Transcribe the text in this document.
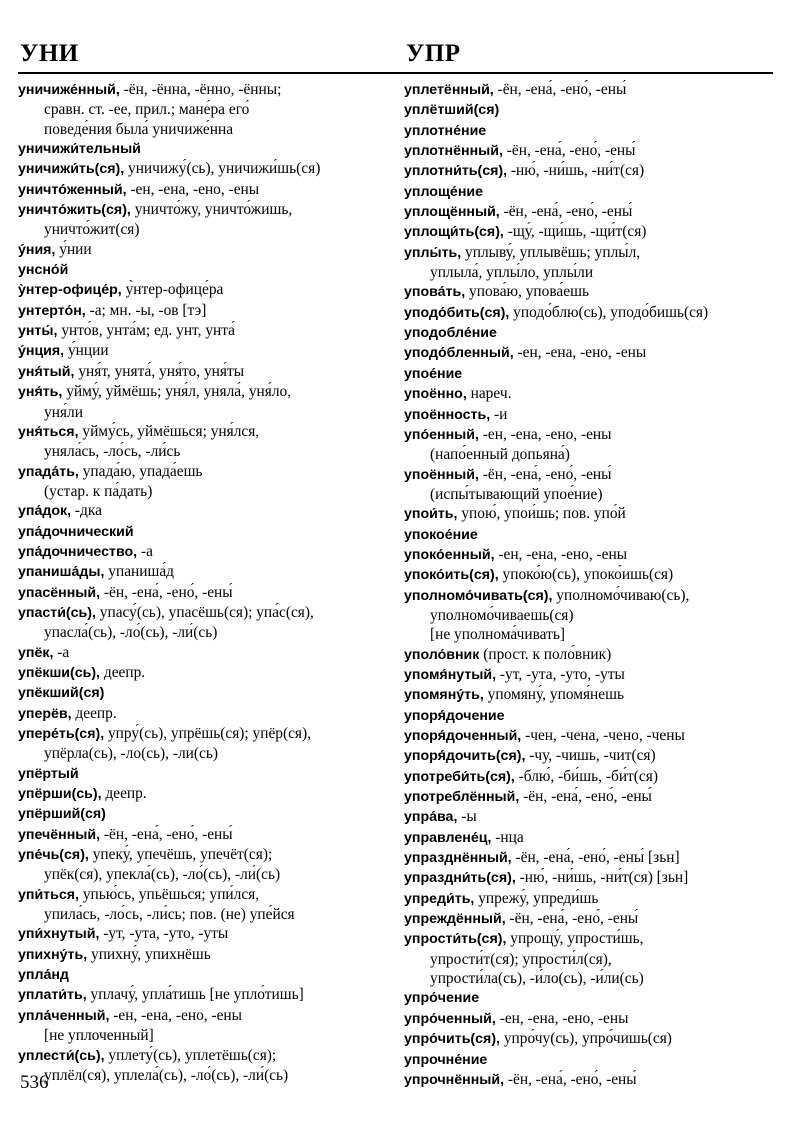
УНИ	УПР
уничиже́нный, -ён, -ённа, -ённо, -ённы;
сравн. ст. -ее, прил.; мане́ра его́
поведе́ния была́ уничиже́нна
уничижи́тельный
уничижи́ть(ся), уничижу́(сь), уничижи́шь(ся)
уничто́женный, -ен, -ена, -ено, -ены
уничто́жить(ся), уничто́жу, уничто́жишь,
уничто́жит(ся)
у́ния, у́нии
унсно́й
у̀нтер-офице́р, у̀нтер-офице́ра
унтерто́н, -а; мн. -ы, -ов [тэ]
унты́, унто́в, унта́м; ед. унт, унта́
у́нция, у́нции
уня́тый, уня́т, унята́, уня́то, уня́ты
уня́ть, уйму́, уймёшь; уня́л, уняла́, уня́ло,
уня́ли
уня́ться, уйму́сь, уймёшься; уня́лся,
уняла́сь, -ло́сь, -ли́сь
упада́ть, упада́ю, упада́ешь
(устар. к па́дать)
упа́док, -дка
упа́дочнический
упа́дочничество, -а
упаниша́ды, упаниша́д
упасённый, -ён, -ена́, -ено́, -ены́
упасти́(сь), упасу́(сь), упасёшь(ся); упа́с(ся),
упасла́(сь), -ло́(сь), -ли́(сь)
упёк, -а
упёкши(сь), деепр.
упёкший(ся)
уперёв, деепр.
упере́ть(ся), упру́(сь), упрёшь(ся); упёр(ся),
упёрла(сь), -ло(сь), -ли(сь)
упёртый
упёрши(сь), деепр.
упёрший(ся)
упечённый, -ён, -ена́, -ено́, -ены́
упе́чь(ся), упеку́, упечёшь, упечёт(ся);
упёк(ся), упекла́(сь), -ло́(сь), -ли́(сь)
упи́ться, упью́сь, упьёшься; упи́лся,
упила́сь, -ло́сь, -ли́сь; пов. (не) упе́йся
упи́хнутый, -ут, -ута, -уто, -уты
упихну́ть, упихну́, упихнёшь
упла́нд
уплати́ть, уплачу́, упла́тишь [не упло́тишь]
упла́ченный, -ен, -ена, -ено, -ены
[не уплоченный]
уплести́(сь), уплету́(сь), уплетёшь(ся);
уплёл(ся), уплела́(сь), -ло́(сь), -ли́(сь)
уплетённый, -ён, -ена́, -ено́, -ены́
уплётший(ся)
уплотне́ние
уплотнённый, -ён, -ена́, -ено́, -ены́
уплотни́ть(ся), -ню́, -ни́шь, -ни́т(ся)
уплоще́ние
уплощённый, -ён, -ена́, -ено́, -ены́
уплощи́ть(ся), -щу́, -щи́шь, -щи́т(ся)
уплы́ть, уплыву́, уплывёшь; уплы́л,
уплыла́, уплы́ло, уплы́ли
упова́ть, упова́ю, упова́ешь
уподо́бить(ся), уподо́блю(сь), уподо́бишь(ся)
уподобле́ние
уподо́бленный, -ен, -ена, -ено, -ены
упое́ние
упоённо, нареч.
упоённость, -и
упо́енный, -ен, -ена, -ено, -ены
(напо́енный допьяна́)
упоённый, -ён, -ена́, -ено́, -ены́
(испы́тывающий упое́ние)
упои́ть, упою́, упои́шь; пов. упо́й
упокое́ние
упоко́енный, -ен, -ена, -ено, -ены
упоко́ить(ся), упоко́ю(сь), упоко́ишь(ся)
уполномо́чивать(ся), уполномо́чиваю(сь),
уполномо́чиваешь(ся)
[не уполнома́чивать]
уполо́вник (прост. к поло́вник)
упомя́нутый, -ут, -ута, -уто, -уты
упомяну́ть, упомяну́, упомя́нешь
упоря́дочение
упоря́доченный, -чен, -чена, -чено, -чены
упоря́дочить(ся), -чу, -чишь, -чит(ся)
употреби́ть(ся), -блю́, -би́шь, -би́т(ся)
употреблённый, -ён, -ена́, -ено́, -ены́
упра́ва, -ы
управлене́ц, -нца
упразднённый, -ён, -ена́, -ено́, -ены́ [зьн]
упраздни́ть(ся), -ню́, -ни́шь, -ни́т(ся) [зьн]
упреди́ть, упрежу́, упреди́шь
упреждённый, -ён, -ена́, -ено́, -ены́
упрости́ть(ся), упрощу́, упрости́шь,
упрости́т(ся); упрости́л(ся),
упрости́ла(сь), -и́ло(сь), -и́ли(сь)
упро́чение
упро́ченный, -ен, -ена, -ено, -ены
упро́чить(ся), упро́чу(сь), упро́чишь(ся)
упрочне́ние
упрочнённый, -ён, -ена́, -ено́, -ены́
536
